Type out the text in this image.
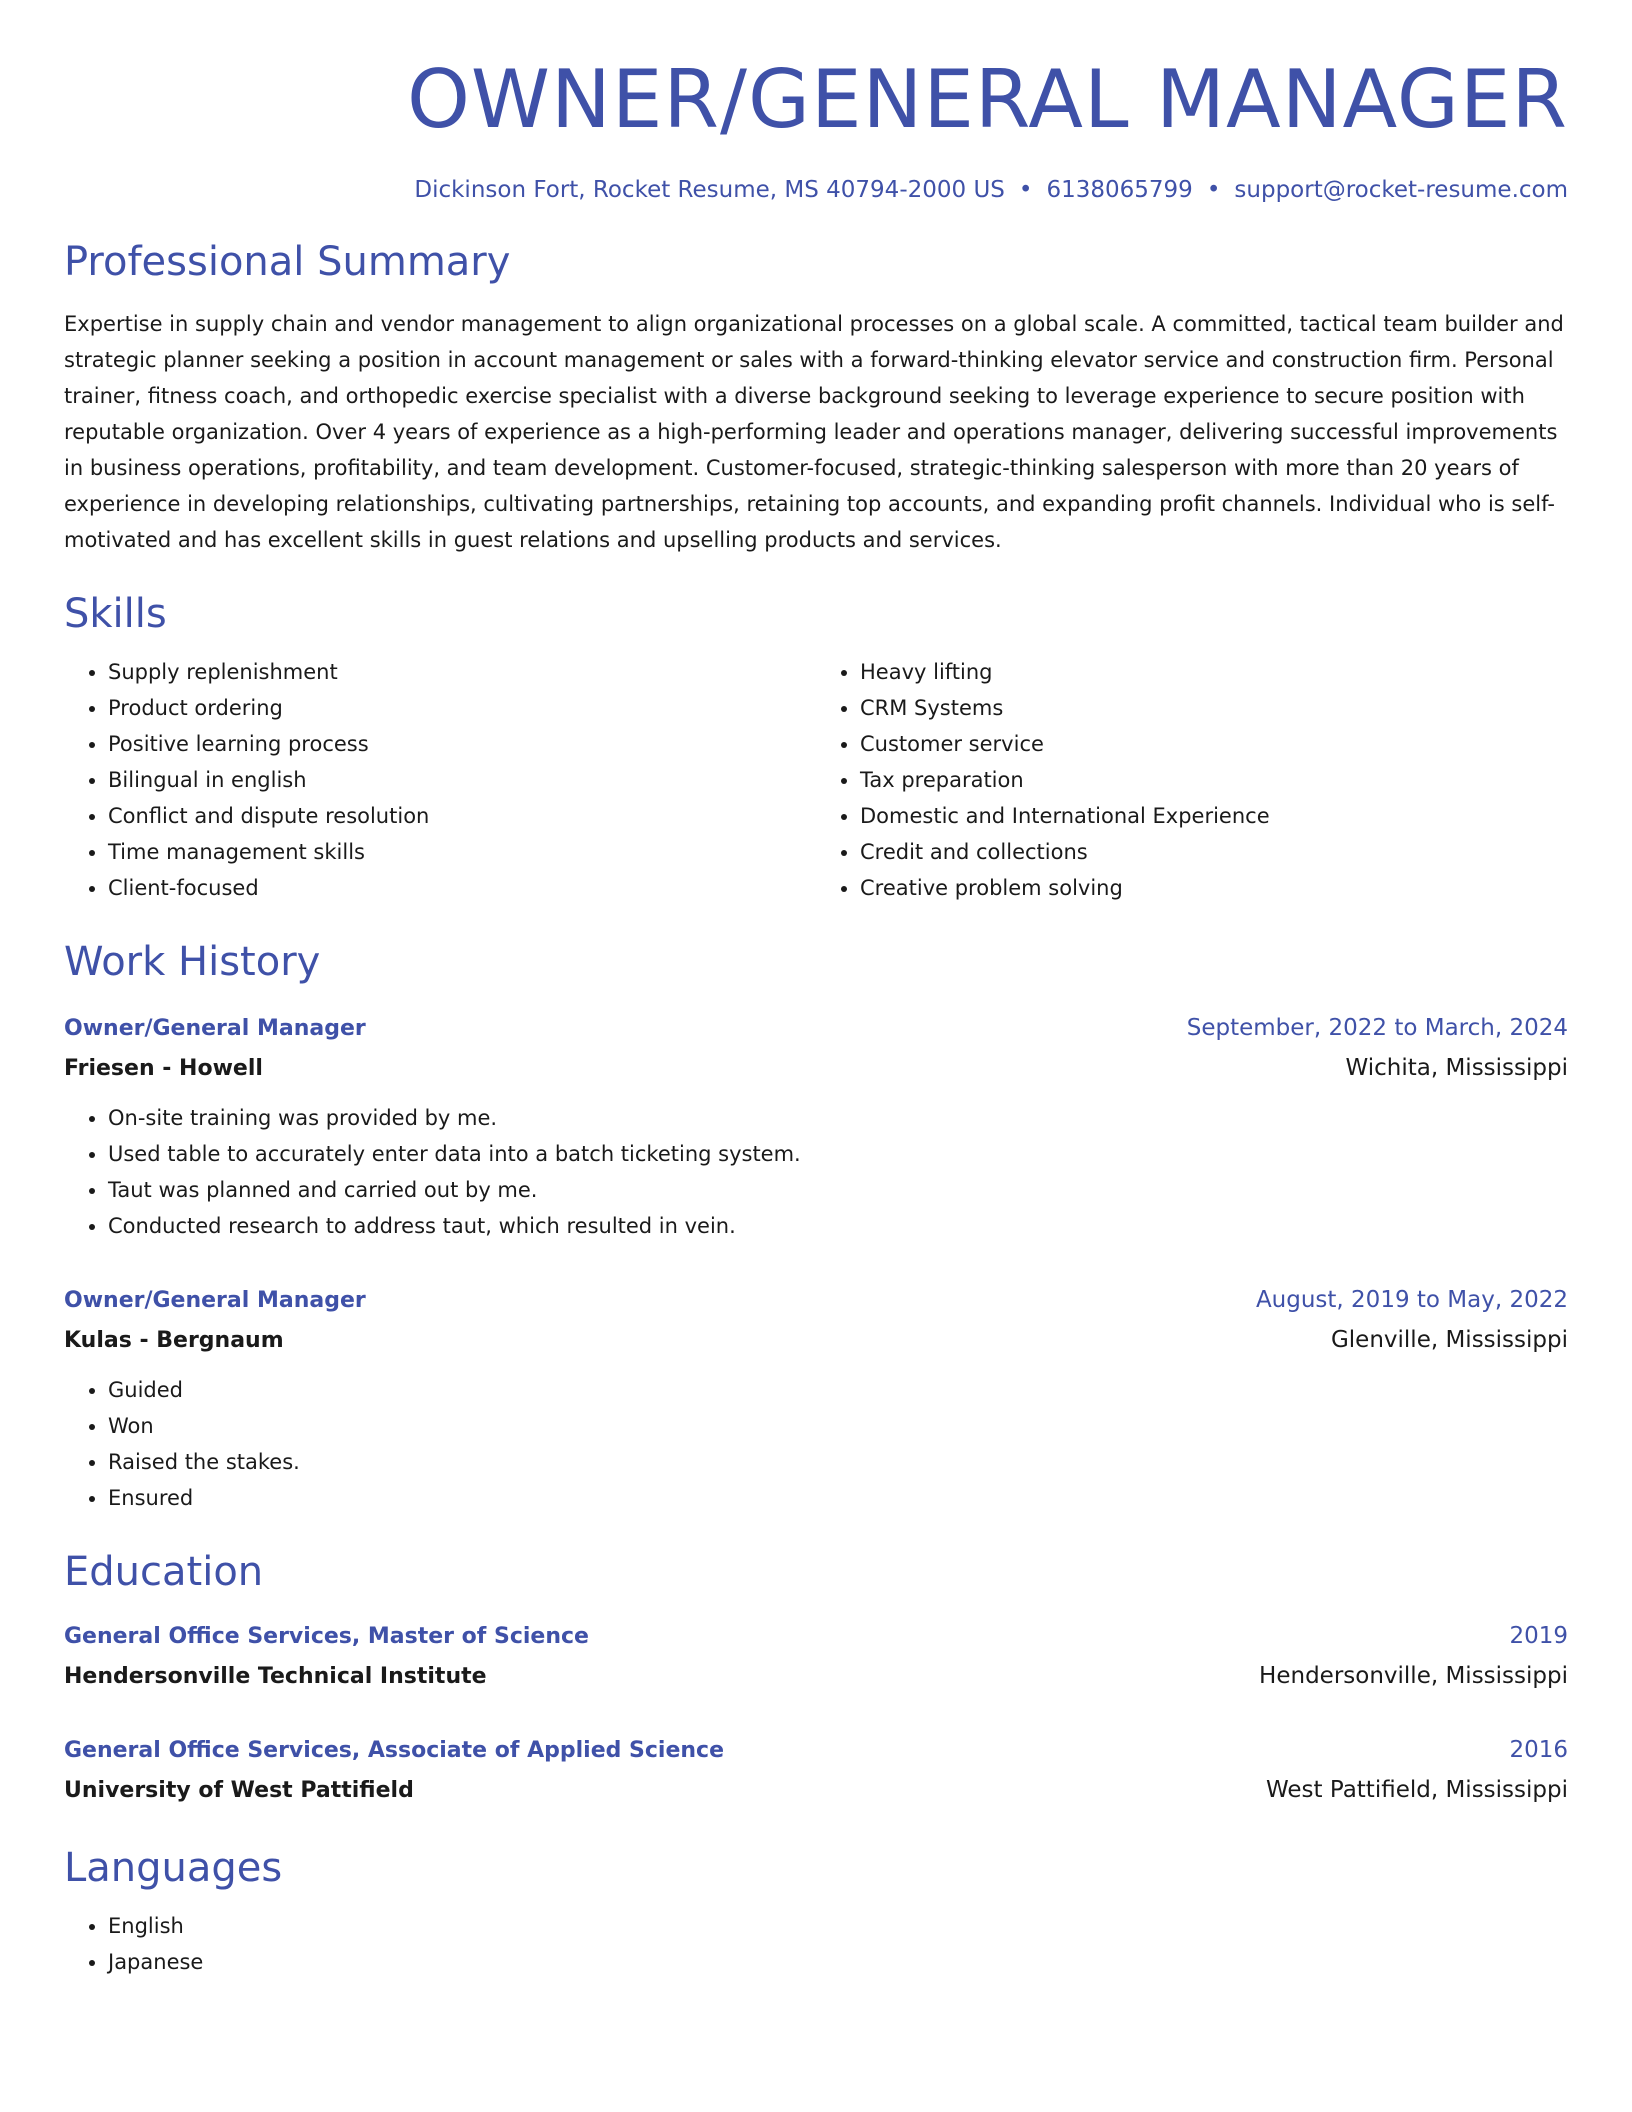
OWNER/GENERAL MANAGER
Dickinson Fort, Rocket Resume, MS 40794-2000 US • 6138065799 • support@rocket-resume.com
Professional Summary

Expertise in supply chain and vendor management to align organizational processes on a global scale. A committed, tactical team builder and strategic planner seeking a position in account management or sales with a forward-thinking elevator service and construction firm. Personal trainer, fitness coach, and orthopedic exercise specialist with a diverse background seeking to leverage experience to secure position with reputable organization. Over 4 years of experience as a high-performing leader and operations manager, delivering successful improvements in business operations, profitability, and team development. Customer-focused, strategic-thinking salesperson with more than 20 years of experience in developing relationships, cultivating partnerships, retaining top accounts, and expanding profit channels. Individual who is self-motivated and has excellent skills in guest relations and upselling products and services.

Skills
• Supply replenishment
• Product ordering
• Positive learning process
• Bilingual in english
• Conflict and dispute resolution
• Time management skills
• Client-focused
• Heavy lifting
• CRM Systems
• Customer service
• Tax preparation
• Domestic and International Experience
• Credit and collections
• Creative problem solving
Work History
Owner/General Manager	September, 2022 to March, 2024
Friesen - Howell	Wichita, Mississippi
• On-site training was provided by me.
• Used table to accurately enter data into a batch ticketing system.
• Taut was planned and carried out by me.
• Conducted research to address taut, which resulted in vein.
Owner/General Manager	August, 2019 to May, 2022
Kulas - Bergnaum	Glenville, Mississippi
• Guided
• Won
• Raised the stakes.
• Ensured
Education
General Office Services, Master of Science	2019
Hendersonville Technical Institute	Hendersonville, Mississippi
General Office Services, Associate of Applied Science	2016
University of West Pattifield	West Pattifield, Mississippi
Languages
• English
• Japanese
